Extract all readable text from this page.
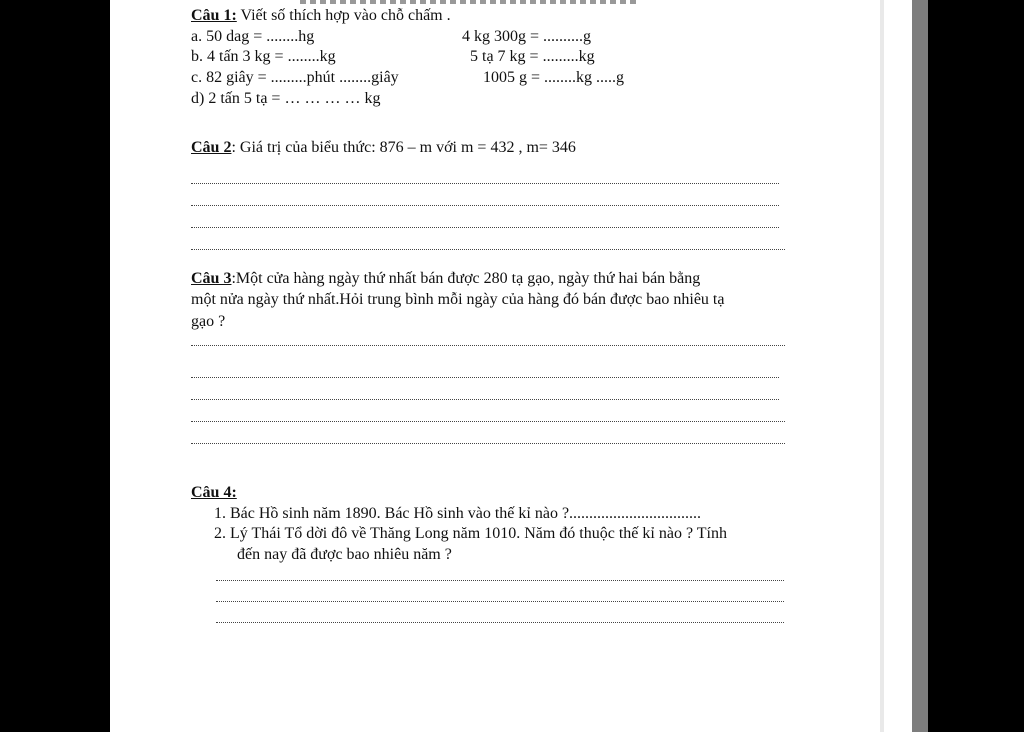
Câu 1: Viết số thích hợp vào chỗ chấm .
a. 50 dag = ........hg	4 kg 300g = ..........g
b. 4 tấn 3 kg = ........kg	5 tạ 7 kg = .........kg
c. 82 giây = .........phút ........giây	1005 g = ........kg .....g
d) 2 tấn 5 tạ = … … … … kg
Câu 2: Giá trị của biểu thức: 876 – m với m = 432 , m= 346
Câu 3:Một cửa hàng ngày thứ nhất bán được 280 tạ gạo, ngày thứ hai bán bằng
một nửa ngày thứ nhất.Hỏi trung bình mỗi ngày của hàng đó bán được bao nhiêu tạ
gạo ?
Câu 4:
1. Bác Hồ sinh năm 1890. Bác Hồ sinh vào thế kỉ nào ?.................................
2. Lý Thái Tổ dời đô về Thăng Long năm 1010. Năm đó thuộc thế kỉ nào ? Tính
đến nay đã được bao nhiêu năm ?
